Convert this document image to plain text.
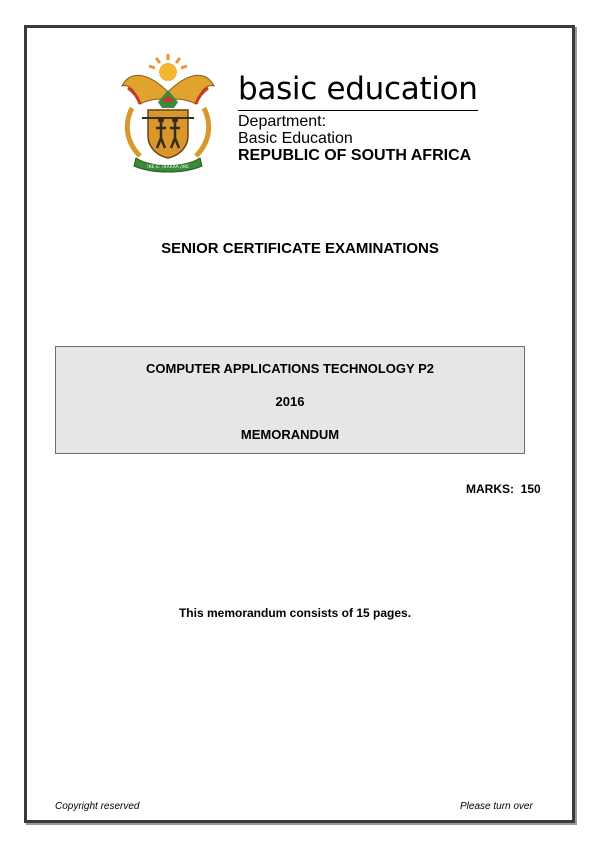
!KE E: /XARRA //KE
basic education
Department:
Basic Education
REPUBLIC OF SOUTH AFRICA
SENIOR CERTIFICATE EXAMINATIONS
COMPUTER APPLICATIONS TECHNOLOGY P2
2016
MEMORANDUM
MARKS:  150
This memorandum consists of 15 pages.
Copyright reserved	Please turn over
